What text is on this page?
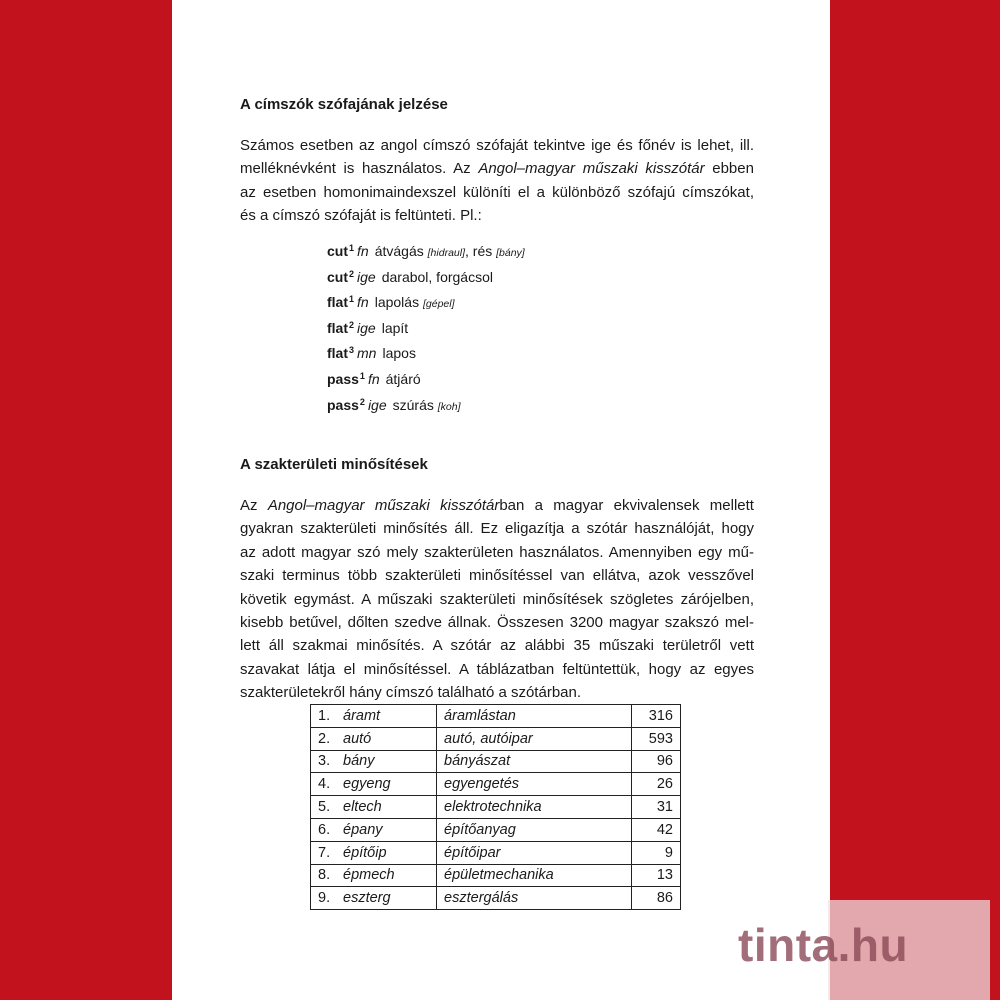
A címszók szófajának jelzése

Számos esetben az angol címszó szófaját tekintve ige és főnév is lehet, ill.

melléknévként is használatos. Az Angol–magyar műszaki kisszótár ebben

az esetben homonimaindexszel különíti el a különböző szófajú címszókat,

és a címszó szófaját is feltünteti. Pl.:

cut$^1$ fn átvágás [hidraul], rés [bány]
cut$^2$ ige darabol, forgácsol
flat$^1$ fn lapolás [gépel]
flat$^2$ ige lapít
flat$^3$ mn lapos
pass$^1$ fn átjáró
pass$^2$ ige szúrás [koh]
A szakterületi minősítések

Az Angol–magyar műszaki kisszótárban a magyar ekvivalensek mellett

gyakran szakterületi minősítés áll. Ez eligazítja a szótár használóját, hogy

az adott magyar szó mely szakterületen használatos. Amennyiben egy mű-

szaki terminus több szakterületi minősítéssel van ellátva, azok vesszővel

követik egymást. A műszaki szakterületi minősítések szögletes zárójelben,

kisebb betűvel, dőlten szedve állnak. Összesen 3200 magyar szakszó mel-

lett áll szakmai minősítés. A szótár az alábbi 35 műszaki területről vett

szavakat látja el minősítéssel. A táblázatban feltüntettük, hogy az egyes

szakterületekről hány címszó található a szótárban.

1.	áramt	áramlástan	316
2.	autó	autó, autóipar	593
3.	bány	bányászat	96
4.	egyeng	egyengetés	26
5.	eltech	elektrotechnika	31
6.	épany	építőanyag	42
7.	építőip	építőipar	9
8.	épmech	épületmechanika	13
9.	eszterg	esztergálás	86
tinta.hu
